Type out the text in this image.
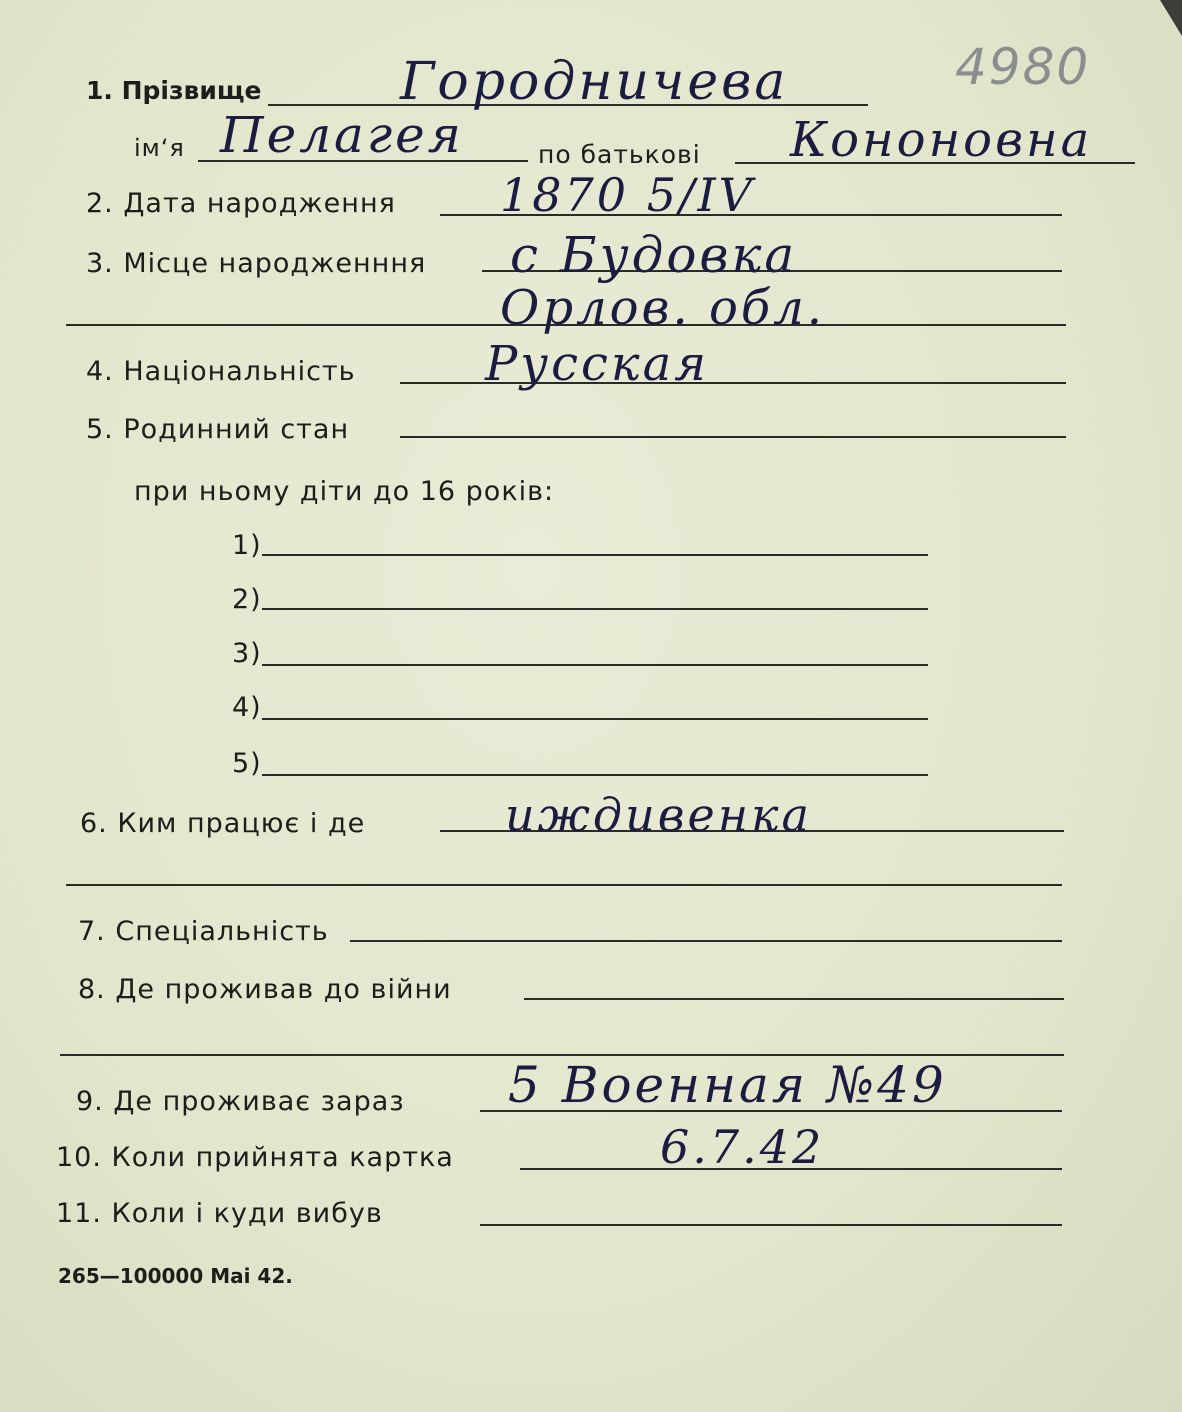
4980
1. Прізвище	Городничева
ім‘я Пелагея	по батькові Кононовна
2. Дата народження 1870 5/IV
3. Місце народженння с Будовка
Орлов. обл.
4. Національність	Русская
5. Родинний стан
при ньому діти до 16 років:
1)
2)
3)
4)
5)
6. Ким працює і де	иждивенка
7. Спеціальність
8. Де проживав до війни
9. Де проживає зараз 5 Военная №49
10. Коли прийнята картка	6.7.42
11. Коли і куди вибув
265—100000 Mai 42.
